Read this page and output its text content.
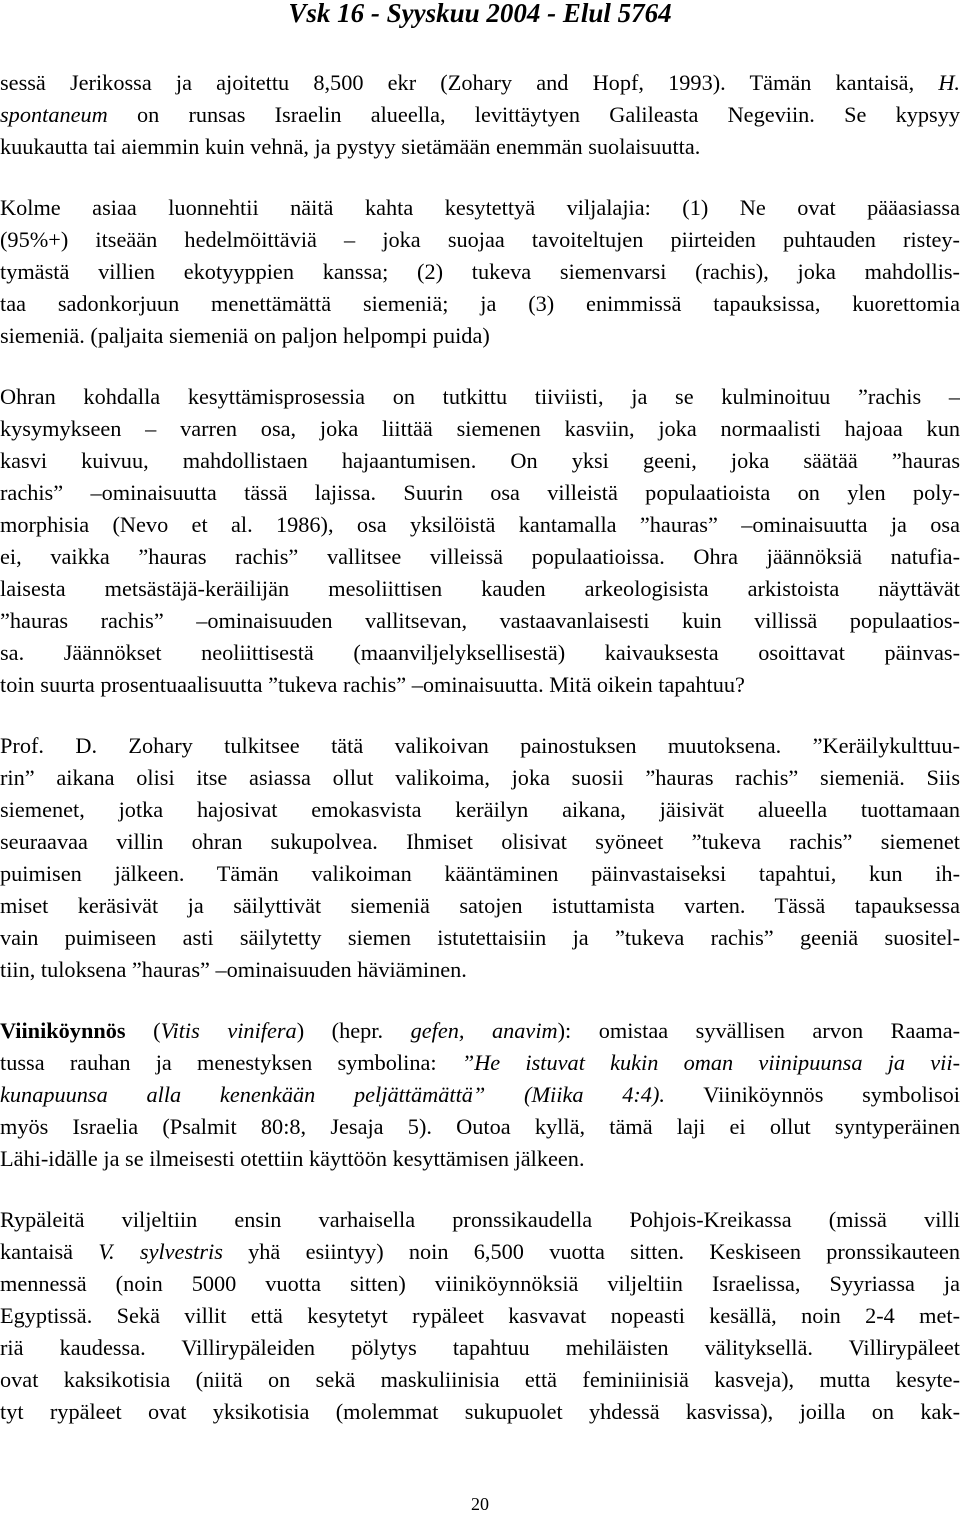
Vsk 16 - Syyskuu 2004 - Elul 5764
sessä Jerikossa ja ajoitettu 8,500 ekr (Zohary and Hopf, 1993). Tämän kantaisä, H.
spontaneum on runsas Israelin alueella, levittäytyen Galileasta Negeviin. Se kypsyy
kuukautta tai aiemmin kuin vehnä, ja pystyy sietämään enemmän suolaisuutta.
Kolme asiaa luonnehtii näitä kahta kesytettyä viljalajia: (1) Ne ovat pääasiassa
(95%+) itseään hedelmöittäviä – joka suojaa tavoiteltujen piirteiden puhtauden ristey-
tymästä villien ekotyyppien kanssa; (2) tukeva siemenvarsi (rachis), joka mahdollis-
taa sadonkorjuun menettämättä siemeniä; ja (3) enimmissä tapauksissa, kuorettomia
siemeniä. (paljaita siemeniä on paljon helpompi puida)
Ohran kohdalla kesyttämisprosessia on tutkittu tiiviisti, ja se kulminoituu ”rachis –
kysymykseen – varren osa, joka liittää siemenen kasviin, joka normaalisti hajoaa kun
kasvi kuivuu, mahdollistaen hajaantumisen. On yksi geeni, joka säätää ”hauras
rachis” –ominaisuutta tässä lajissa. Suurin osa villeistä populaatioista on ylen poly-
morphisia (Nevo et al. 1986), osa yksilöistä kantamalla ”hauras” –ominaisuutta ja osa
ei, vaikka ”hauras rachis” vallitsee villeissä populaatioissa. Ohra jäännöksiä natufia-
laisesta metsästäjä-keräilijän mesoliittisen kauden arkeologisista arkistoista näyttävät
”hauras rachis” –ominaisuuden vallitsevan, vastaavanlaisesti kuin villissä populaatios-
sa. Jäännökset neoliittisestä (maanviljelyksellisestä) kaivauksesta osoittavat päinvas-
toin suurta prosentuaalisuutta ”tukeva rachis” –ominaisuutta. Mitä oikein tapahtuu?
Prof. D. Zohary tulkitsee tätä valikoivan painostuksen muutoksena. ”Keräilykulttuu-
rin” aikana olisi itse asiassa ollut valikoima, joka suosii ”hauras rachis” siemeniä. Siis
siemenet, jotka hajosivat emokasvista keräilyn aikana, jäisivät alueella tuottamaan
seuraavaa villin ohran sukupolvea. Ihmiset olisivat syöneet ”tukeva rachis” siemenet
puimisen jälkeen. Tämän valikoiman kääntäminen päinvastaiseksi tapahtui, kun ih-
miset keräsivät ja säilyttivät siemeniä satojen istuttamista varten. Tässä tapauksessa
vain puimiseen asti säilytetty siemen istutettaisiin ja ”tukeva rachis” geeniä suositel-
tiin, tuloksena ”hauras” –ominaisuuden häviäminen.
Viiniköynnös (Vitis vinifera) (hepr. gefen, anavim): omistaa syvällisen arvon Raama-
tussa rauhan ja menestyksen symbolina: ”He istuvat kukin oman viinipuunsa ja vii-
kunapuunsa alla kenenkään peljättämättä” (Miika 4:4). Viiniköynnös symbolisoi
myös Israelia (Psalmit 80:8, Jesaja 5). Outoa kyllä, tämä laji ei ollut syntyperäinen
Lähi-idälle ja se ilmeisesti otettiin käyttöön kesyttämisen jälkeen.
Rypäleitä viljeltiin ensin varhaisella pronssikaudella Pohjois-Kreikassa (missä villi
kantaisä V. sylvestris yhä esiintyy) noin 6,500 vuotta sitten. Keskiseen pronssikauteen
mennessä (noin 5000 vuotta sitten) viiniköynnöksiä viljeltiin Israelissa, Syyriassa ja
Egyptissä. Sekä villit että kesytetyt rypäleet kasvavat nopeasti kesällä, noin 2-4 met-
riä kaudessa. Villirypäleiden pölytys tapahtuu mehiläisten välityksellä. Villirypäleet
ovat kaksikotisia (niitä on sekä maskuliinisia että feminiinisiä kasveja), mutta kesyte-
tyt rypäleet ovat yksikotisia (molemmat sukupuolet yhdessä kasvissa), joilla on kak-
20
